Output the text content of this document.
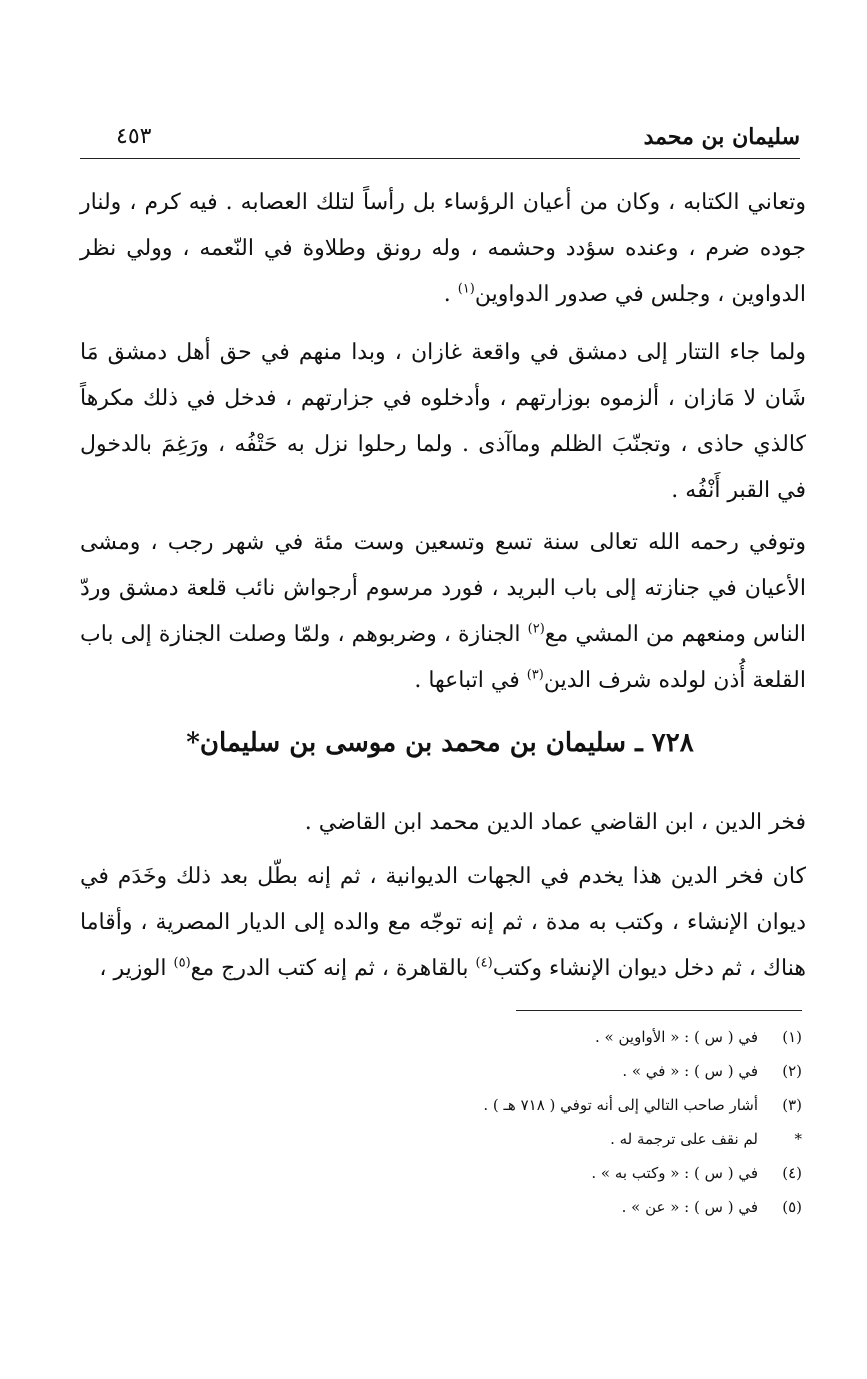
سليمان بن محمد
٤٥٣
وتعاني الكتابه ، وكان من أعيان الرؤساء بل رأساً لتلك العصابه . فيه كرم ، ولنار جوده ضرم ، وعنده سؤدد وحشمه ، وله رونق وطلاوة في النّعمه ، وولي نظر الدواوين ، وجلس في صدور الدواوين$^{(١)}$ .
ولما جاء التتار إلى دمشق في واقعة غازان ، وبدا منهم في حق أهل دمشق مَا شَان لا مَازان ، ألزموه بوزارتهم ، وأدخلوه في جزارتهم ، فدخل في ذلك مكرهاً كالذي حاذى ، وتجنّبَ الظلم وماآذى . ولما رحلوا نزل به حَتْفُه ، ورَغِمَ بالدخول في القبر أَنْفُه .
وتوفي رحمه الله تعالى سنة تسع وتسعين وست مئة في شهر رجب ، ومشى الأعيان في جنازته إلى باب البريد ، فورد مرسوم أرجواش نائب قلعة دمشق وردّ الناس ومنعهم من المشي مع$^{(٢)}$ الجنازة ، وضربوهم ، ولمّا وصلت الجنازة إلى باب القلعة أُذن لولده شرف الدين$^{(٣)}$ في اتباعها .
٧٢٨ ـ سليمان بن محمد بن موسى بن سليمان*
فخر الدين ، ابن القاضي عماد الدين محمد ابن القاضي .
كان فخر الدين هذا يخدم في الجهات الديوانية ، ثم إنه بطّل بعد ذلك وخَدَم في ديوان الإنشاء ، وكتب به مدة ، ثم إنه توجّه مع والده إلى الديار المصرية ، وأقاما هناك ، ثم دخل ديوان الإنشاء وكتب$^{(٤)}$ بالقاهرة ، ثم إنه كتب الدرج مع$^{(٥)}$ الوزير ،
(١)في ( س ) : « الأواوين » .
(٢)في ( س ) : « في » .
(٣)أشار صاحب التالي إلى أنه توفي ( ٧١٨ هـ ) .
*لم نقف على ترجمة له .
(٤)في ( س ) : « وكتب به » .
(٥)في ( س ) : « عن » .
